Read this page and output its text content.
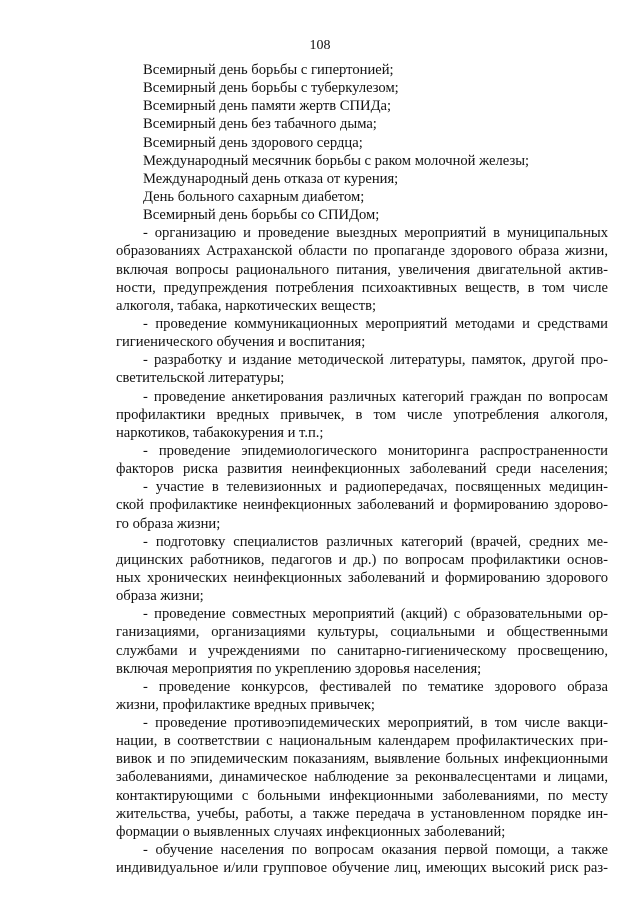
108
Всемирный день борьбы с гипертонией;
Всемирный день борьбы с туберкулезом;
Всемирный день памяти жертв СПИДа;
Всемирный день без табачного дыма;
Всемирный день здорового сердца;
Международный месячник борьбы с раком молочной железы;
Международный день отказа от курения;
День больного сахарным диабетом;
Всемирный день борьбы со СПИДом;
- организацию и проведение выездных мероприятий в муниципальных
образованиях Астраханской области по пропаганде здорового образа жизни,
включая вопросы рационального питания, увеличения двигательной актив-
ности, предупреждения потребления психоактивных веществ, в том числе
алкоголя, табака, наркотических веществ;
- проведение коммуникационных мероприятий методами и средствами
гигиенического обучения и воспитания;
- разработку и издание методической литературы, памяток, другой про-
светительской литературы;
- проведение анкетирования различных категорий граждан по вопросам
профилактики вредных привычек, в том числе употребления алкоголя,
наркотиков, табакокурения и т.п.;
- проведение эпидемиологического мониторинга распространенности
факторов риска развития неинфекционных заболеваний среди населения;
- участие в телевизионных и радиопередачах, посвященных медицин-
ской профилактике неинфекционных заболеваний и формированию здорово-
го образа жизни;
- подготовку специалистов различных категорий (врачей, средних ме-
дицинских работников, педагогов и др.) по вопросам профилактики основ-
ных хронических неинфекционных заболеваний и формированию здорового
образа жизни;
- проведение совместных мероприятий (акций) с образовательными ор-
ганизациями, организациями культуры, социальными и общественными
службами и учреждениями по санитарно-гигиеническому просвещению,
включая мероприятия по укреплению здоровья населения;
- проведение конкурсов, фестивалей по тематике здорового образа
жизни, профилактике вредных привычек;
- проведение противоэпидемических мероприятий, в том числе вакци-
нации, в соответствии с национальным календарем профилактических при-
вивок и по эпидемическим показаниям, выявление больных инфекционными
заболеваниями, динамическое наблюдение за реконвалесцентами и лицами,
контактирующими с больными инфекционными заболеваниями, по месту
жительства, учебы, работы, а также передача в установленном порядке ин-
формации о выявленных случаях инфекционных заболеваний;
- обучение населения по вопросам оказания первой помощи, а также
индивидуальное и/или групповое обучение лиц, имеющих высокий риск раз-
